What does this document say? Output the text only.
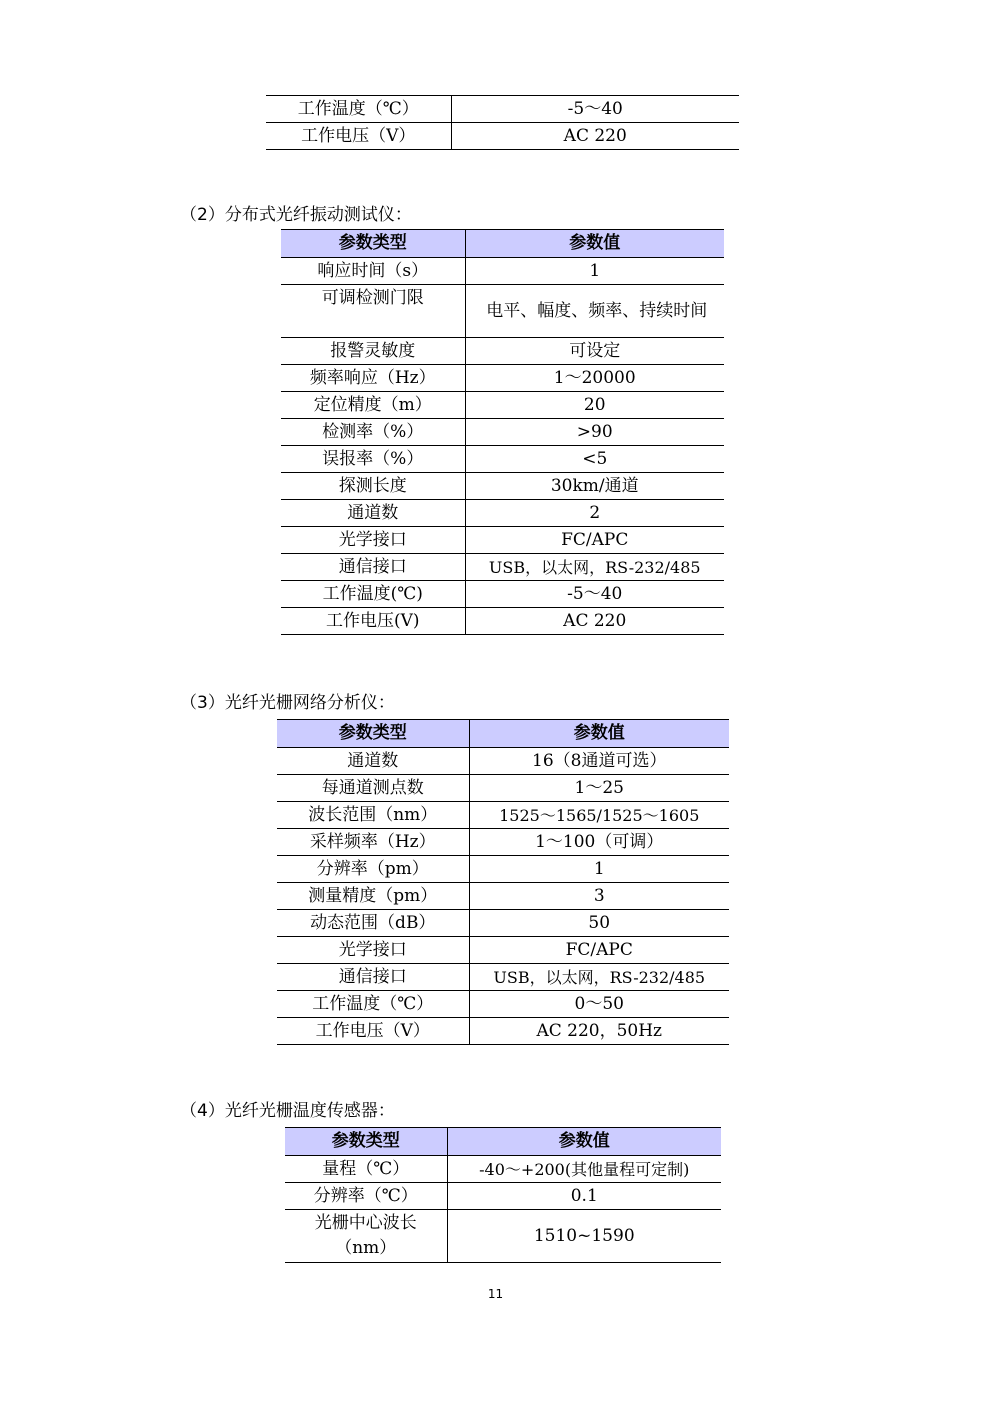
工作温度（℃）	-5～40
工作电压（V）	AC 220
（2）分布式光纤振动测试仪：
参数类型	参数值
响应时间（s）	1
可调检测门限	电平、幅度、频率、持续时间
报警灵敏度	可设定
频率响应（Hz）	1～20000
定位精度（m）	20
检测率（%）	>90
误报率（%）	<5
探测长度	30km/通道
通道数	2
光学接口	FC/APC
通信接口	USB，以太网，RS-232/485
工作温度(℃)	-5～40
工作电压(V)	AC 220
（3）光纤光栅网络分析仪：
参数类型	参数值
通道数	16（8通道可选）
每通道测点数	1～25
波长范围（nm）	1525～1565/1525～1605
采样频率（Hz）	1～100（可调）
分辨率（pm）	1
测量精度（pm）	3
动态范围（dB）	50
光学接口	FC/APC
通信接口	USB，以太网，RS-232/485
工作温度（℃）	0～50
工作电压（V）	AC 220，50Hz
（4）光纤光栅温度传感器：
参数类型	参数值
量程（℃）	-40～+200(其他量程可定制)
分辨率（℃）	0.1
光栅中心波长（nm）	1510~1590
11
